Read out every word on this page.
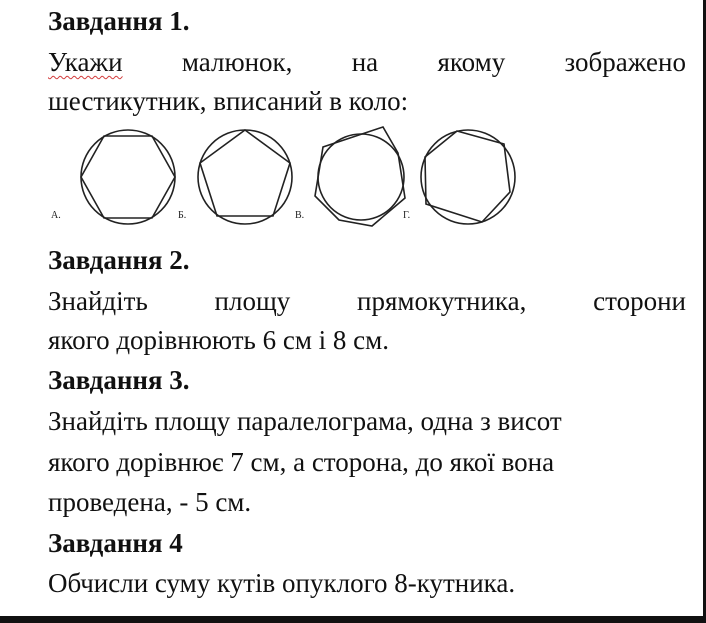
Завдання 1.
Укажи малюнок, на якому зображено
шестикутник, вписаний в коло:
А.	Б.	В.	Г.
Завдання 2.
Знайдіть площу прямокутника, сторони
якого дорівнюють 6 см і 8 см.
Завдання 3.
Знайдіть площу паралелограма, одна з висот
якого дорівнює 7 см, а сторона, до якої вона
проведена, - 5 см.
Завдання 4
Обчисли суму кутів опуклого 8-кутника.
